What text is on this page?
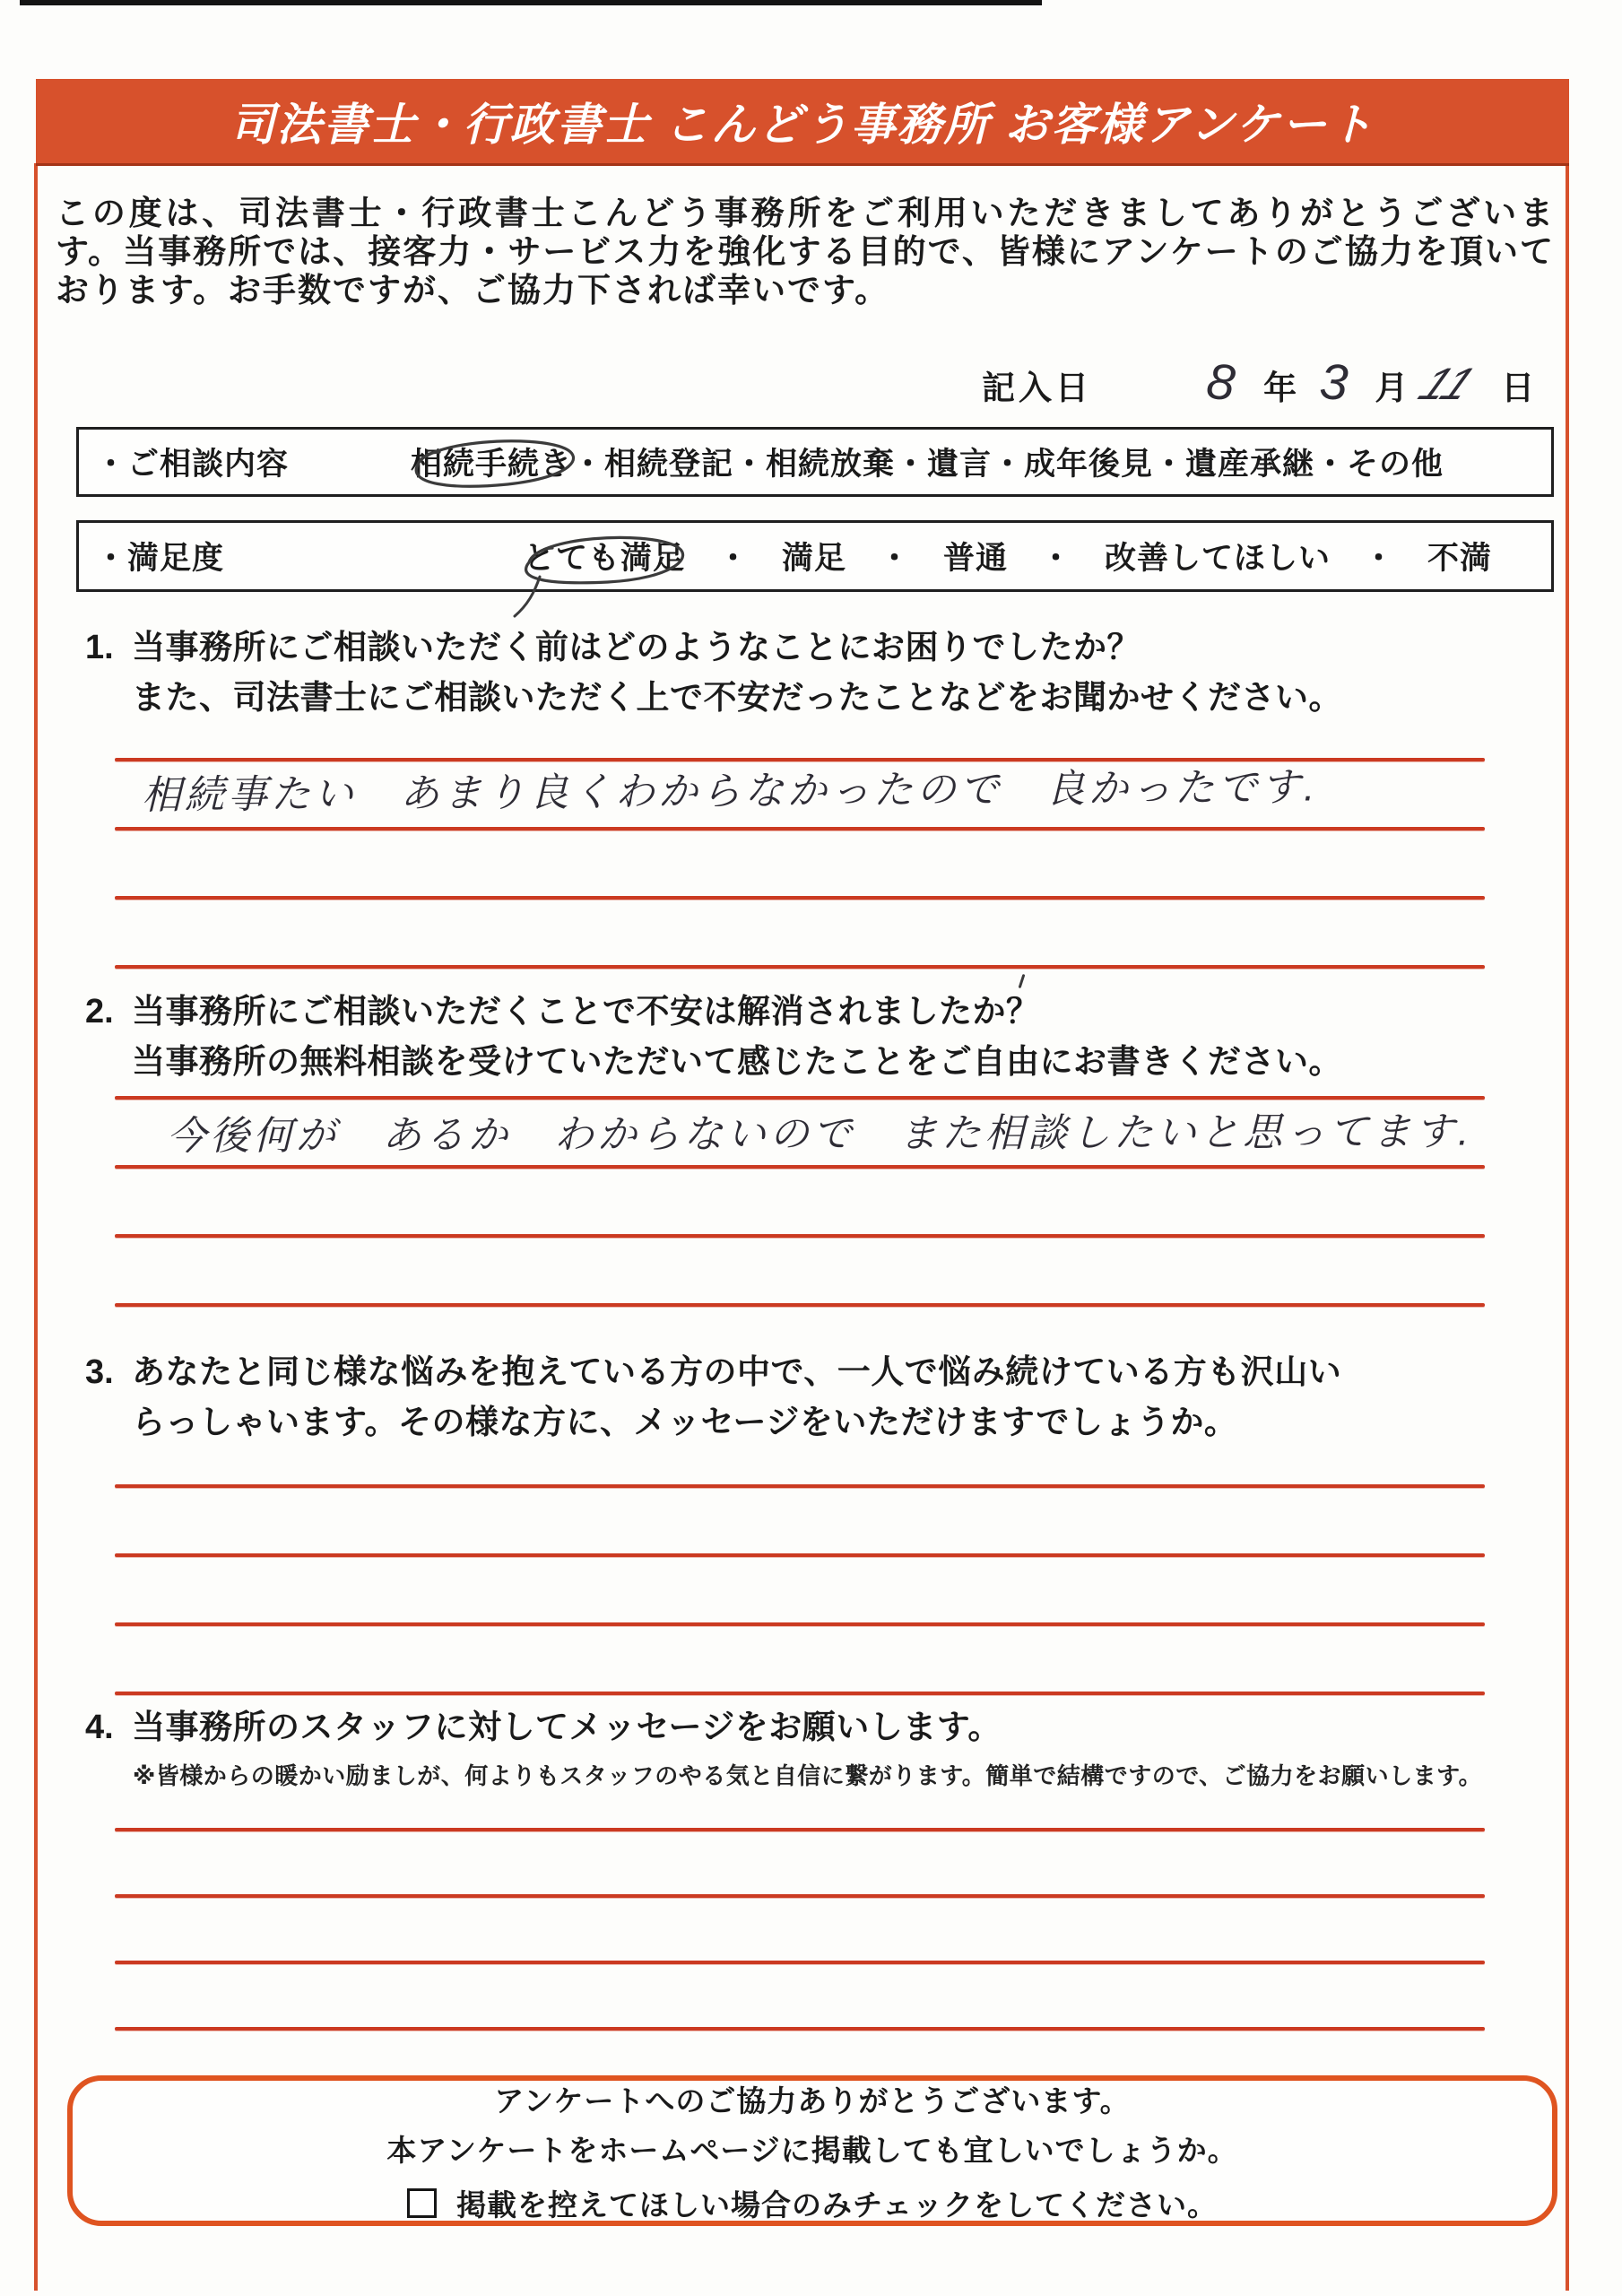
司法書士・行政書士 こんどう事務所 お客様アンケート
この度は、司法書士・行政書士こんどう事務所をご利用いただきましてありがとうございます。当事務所では、接客力・サービス力を強化する目的で、皆様にアンケートのご協力を頂いております。お手数ですが、ご協力下されば幸いです。
記入日 8 年 3 月 11 日
・ご相談内容	相続手続き・相続登記・相続放棄・遺言・成年後見・遺産承継・その他
・満足度	とても満足　・　満足　・　普通　・　改善してほしい　・　不満
1. 当事務所にご相談いただく前はどのようなことにお困りでしたか？
また、司法書士にご相談いただく上で不安だったことなどをお聞かせください。
相続事たい　あまり良くわからなかったので　良かったです.
2. 当事務所にご相談いただくことで不安は解消されましたか？
当事務所の無料相談を受けていただいて感じたことをご自由にお書きください。
今後何が　あるか　わからないので　また相談したいと思ってます.
3. あなたと同じ様な悩みを抱えている方の中で、一人で悩み続けている方も沢山い
らっしゃいます。その様な方に、メッセージをいただけますでしょうか。
4. 当事務所のスタッフに対してメッセージをお願いします。
※皆様からの暖かい励ましが、何よりもスタッフのやる気と自信に繋がります。簡単で結構ですので、ご協力をお願いします。
アンケートへのご協力ありがとうございます。
本アンケートをホームページに掲載しても宜しいでしょうか。
掲載を控えてほしい場合のみチェックをしてください。
